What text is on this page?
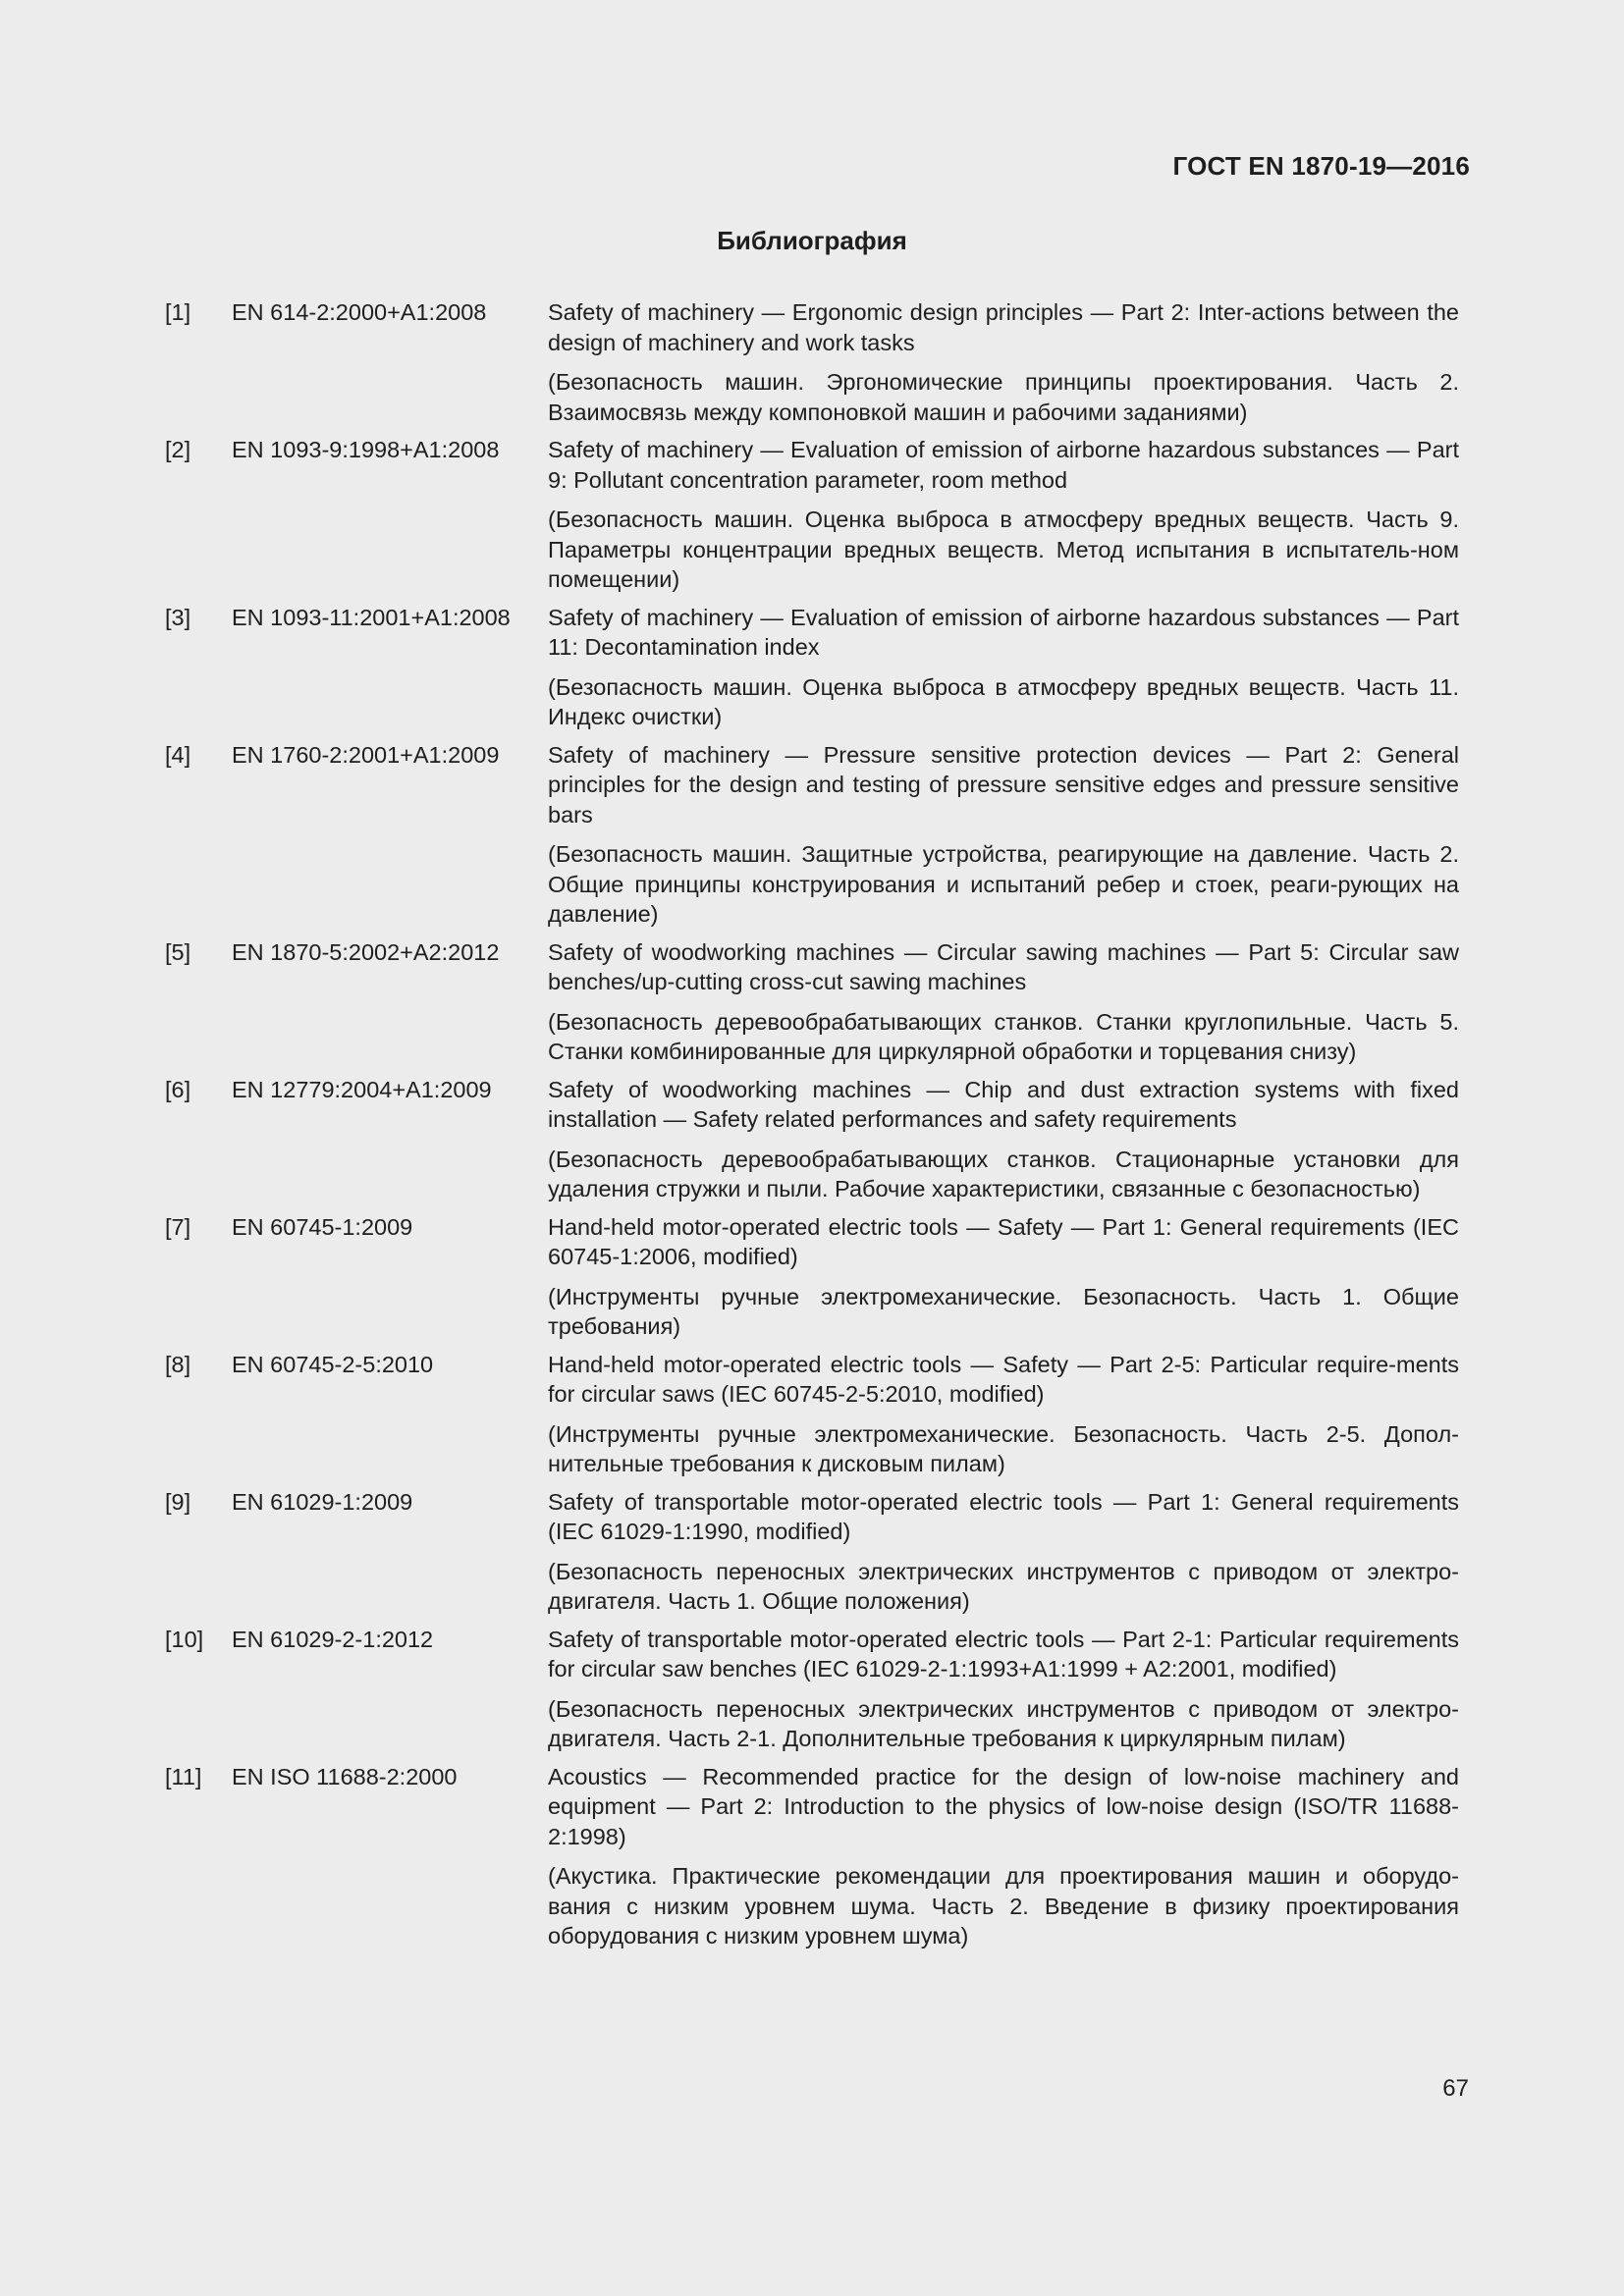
ГОСТ EN 1870-19—2016
Библиография
[1]	EN 614-2:2000+A1:2008	Safety of machinery — Ergonomic design principles — Part 2: Inter-actions between the design of machinery and work tasks

(Безопасность машин. Эргономические принципы проектирования. Часть 2. Взаимосвязь между компоновкой машин и рабочими заданиями)

[2]	EN 1093-9:1998+A1:2008	Safety of machinery — Evaluation of emission of airborne hazardous substances — Part 9: Pollutant concentration parameter, room method

(Безопасность машин. Оценка выброса в атмосферу вредных веществ. Часть 9. Параметры концентрации вредных веществ. Метод испытания в испытатель-ном помещении)

[3]	EN 1093-11:2001+A1:2008	Safety of machinery — Evaluation of emission of airborne hazardous substances — Part 11: Decontamination index

(Безопасность машин. Оценка выброса в атмосферу вредных веществ. Часть 11. Индекс очистки)

[4]	EN 1760-2:2001+A1:2009	Safety of machinery — Pressure sensitive protection devices — Part 2: General principles for the design and testing of pressure sensitive edges and pressure sensitive bars

(Безопасность машин. Защитные устройства, реагирующие на давление. Часть 2. Общие принципы конструирования и испытаний ребер и стоек, реаги-рующих на давление)

[5]	EN 1870-5:2002+A2:2012	Safety of woodworking machines — Circular sawing machines — Part 5: Circular saw benches/up-cutting cross-cut sawing machines

(Безопасность деревообрабатывающих станков. Станки круглопильные. Часть 5. Станки комбинированные для циркулярной обработки и торцевания снизу)

[6]	EN 12779:2004+A1:2009	Safety of woodworking machines — Chip and dust extraction systems with fixed installation — Safety related performances and safety requirements

(Безопасность деревообрабатывающих станков. Стационарные установки для удаления стружки и пыли. Рабочие характеристики, связанные с безопасностью)

[7]	EN 60745-1:2009	Hand-held motor-operated electric tools — Safety — Part 1: General requirements (IEC 60745-1:2006, modified)

(Инструменты ручные электромеханические. Безопасность. Часть 1. Общие требования)

[8]	EN 60745-2-5:2010	Hand-held motor-operated electric tools — Safety — Part 2-5: Particular require-ments for circular saws (IEC 60745-2-5:2010, modified)

(Инструменты ручные электромеханические. Безопасность. Часть 2-5. Допол-нительные требования к дисковым пилам)

[9]	EN 61029-1:2009	Safety of transportable motor-operated electric tools — Part 1: General requirements (IEC 61029-1:1990, modified)

(Безопасность переносных электрических инструментов с приводом от электро-двигателя. Часть 1. Общие положения)

[10]	EN 61029-2-1:2012	Safety of transportable motor-operated electric tools — Part 2-1: Particular requirements for circular saw benches (IEC 61029-2-1:1993+A1:1999 + A2:2001, modified)

(Безопасность переносных электрических инструментов с приводом от электро-двигателя. Часть 2-1. Дополнительные требования к циркулярным пилам)

[11]	EN ISO 11688-2:2000	Acoustics — Recommended practice for the design of low-noise machinery and equipment — Part 2: Introduction to the physics of low-noise design (ISO/TR 11688-2:1998)

(Акустика. Практические рекомендации для проектирования машин и оборудо-вания с низким уровнем шума. Часть 2. Введение в физику проектирования оборудования с низким уровнем шума)

67
